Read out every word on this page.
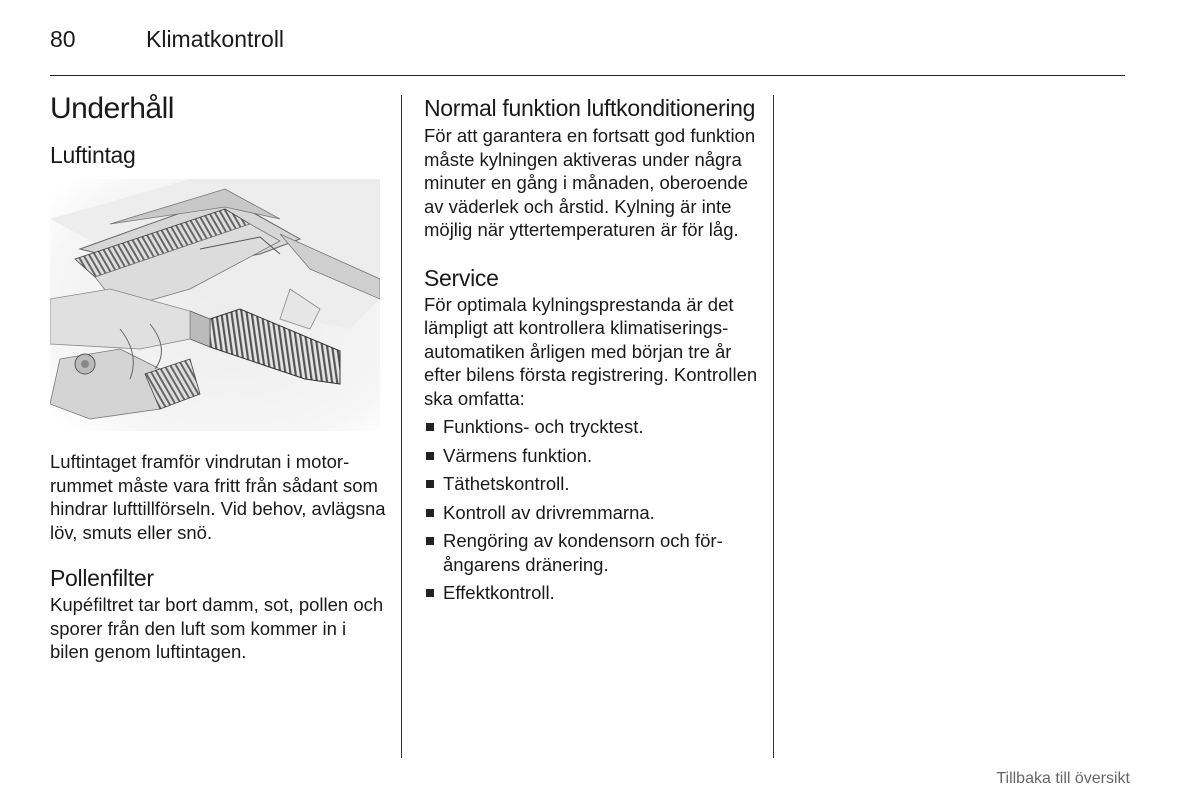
80	Klimatkontroll
Underhåll
Luftintag

Luftintaget framför vindrutan i motorrummet måste vara fritt från sådant som hindrar lufttillförseln. Vid behov, avlägsna löv, smuts eller snö.

Pollenfilter

Kupéfiltret tar bort damm, sot, pollen och sporer från den luft som kommer in i bilen genom luftintagen.

Normal funktion luftkonditionering

För att garantera en fortsatt god funktion måste kylningen aktiveras under några minuter en gång i månaden, oberoende av väderlek och årstid. Kylning är inte möjlig när yttertemperaturen är för låg.

Service

För optimala kylningsprestanda är det lämpligt att kontrollera klimatiseringsautomatiken årligen med början tre år efter bilens första registrering. Kontrollen ska omfatta:

Funktions- och trycktest.
Värmens funktion.
Täthetskontroll.
Kontroll av drivremmarna.
Rengöring av kondensorn och förångarens dränering.
Effektkontroll.
Tillbaka till översikt
